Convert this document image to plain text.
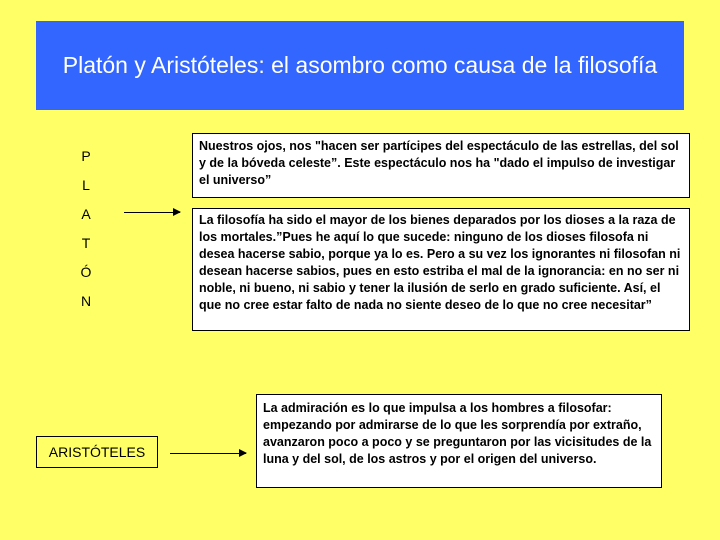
Platón y Aristóteles: el asombro como causa de la filosofía
P
L
A
T
Ó
N
Nuestros ojos, nos "hacen ser partícipes del espectáculo de las estrellas, del sol y de la bóveda celeste”. Este espectáculo nos ha "dado el impulso de investigar el universo”
La filosofía ha sido el mayor de los bienes deparados por los dioses a la raza de los mortales.”Pues he aquí lo que sucede: ninguno de los dioses filosofa ni desea hacerse sabio, porque ya lo es. Pero a su vez los ignorantes ni filosofan ni desean hacerse sabios, pues en esto estriba el mal de la ignorancia: en no ser ni noble, ni bueno, ni sabio y tener la ilusión de serlo en grado suficiente. Así, el que no cree estar falto de nada no siente deseo de lo que no cree necesitar”
ARISTÓTELES
La admiración es lo que impulsa a los hombres a filosofar: empezando por admirarse de lo que les sorprendía por extraño, avanzaron poco a poco y se preguntaron por las vicisitudes de la luna y del sol, de los astros y por el origen del universo.
